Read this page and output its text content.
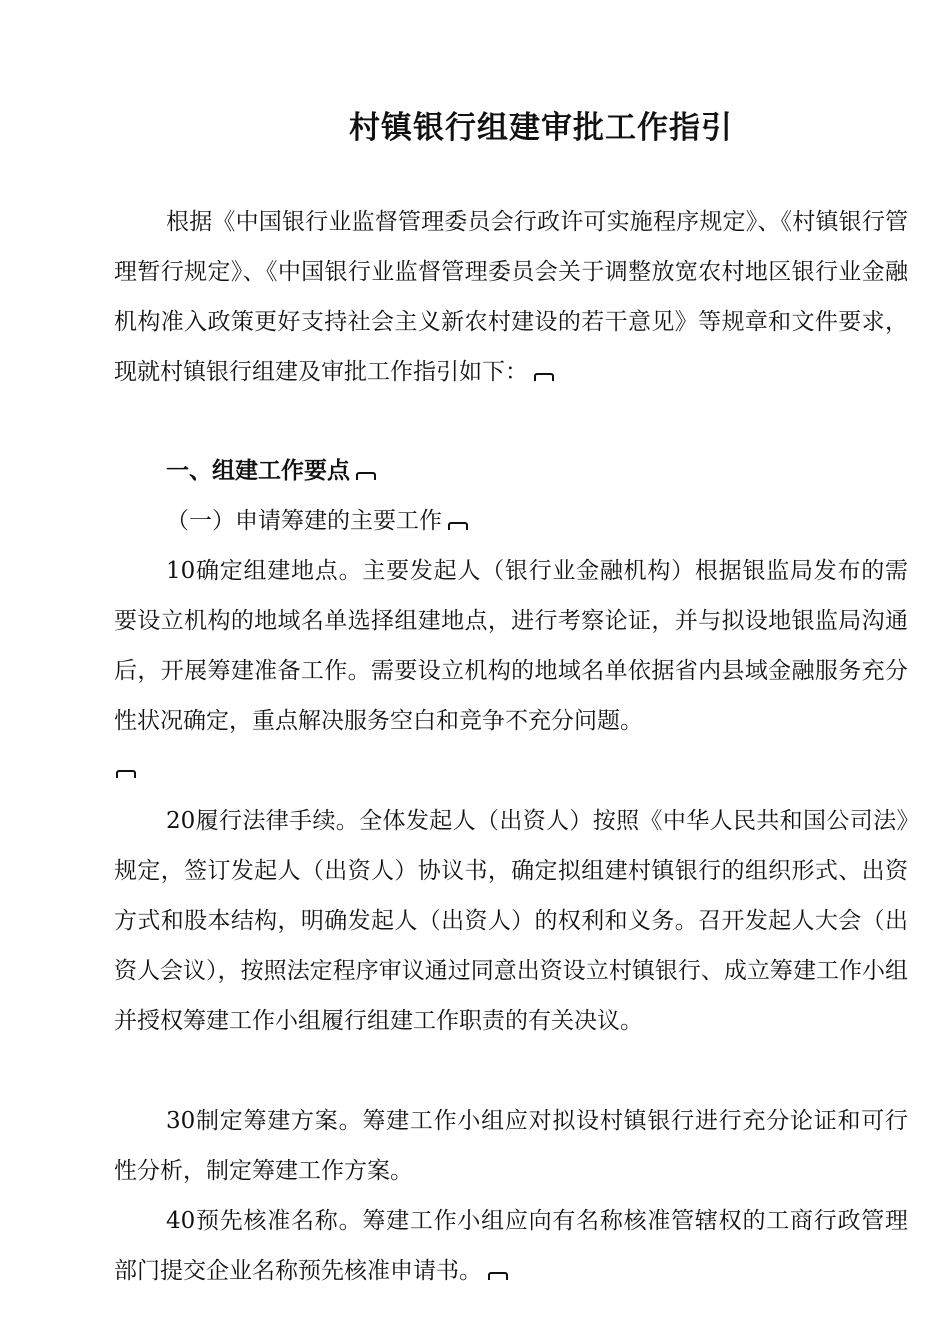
村镇银行组建审批工作指引
根据《中国银行业监督管理委员会行政许可实施程序规定》、《村镇银行管理暂行规定》、《中国银行业监督管理委员会关于调整放宽农村地区银行业金融机构准入政策更好支持社会主义新农村建设的若干意见》等规章和文件要求，现就村镇银行组建及审批工作指引如下：
一、组建工作要点
（一）申请筹建的主要工作
10确定组建地点。主要发起人（银行业金融机构）根据银监局发布的需要设立机构的地域名单选择组建地点，进行考察论证，并与拟设地银监局沟通后，开展筹建准备工作。需要设立机构的地域名单依据省内县域金融服务充分性状况确定，重点解决服务空白和竞争不充分问题。
20履行法律手续。全体发起人（出资人）按照《中华人民共和国公司法》规定，签订发起人（出资人）协议书，确定拟组建村镇银行的组织形式、出资方式和股本结构，明确发起人（出资人）的权利和义务。召开发起人大会（出资人会议），按照法定程序审议通过同意出资设立村镇银行、成立筹建工作小组并授权筹建工作小组履行组建工作职责的有关决议。
30制定筹建方案。筹建工作小组应对拟设村镇银行进行充分论证和可行性分析，制定筹建工作方案。
40预先核准名称。筹建工作小组应向有名称核准管辖权的工商行政管理部门提交企业名称预先核准申请书。
